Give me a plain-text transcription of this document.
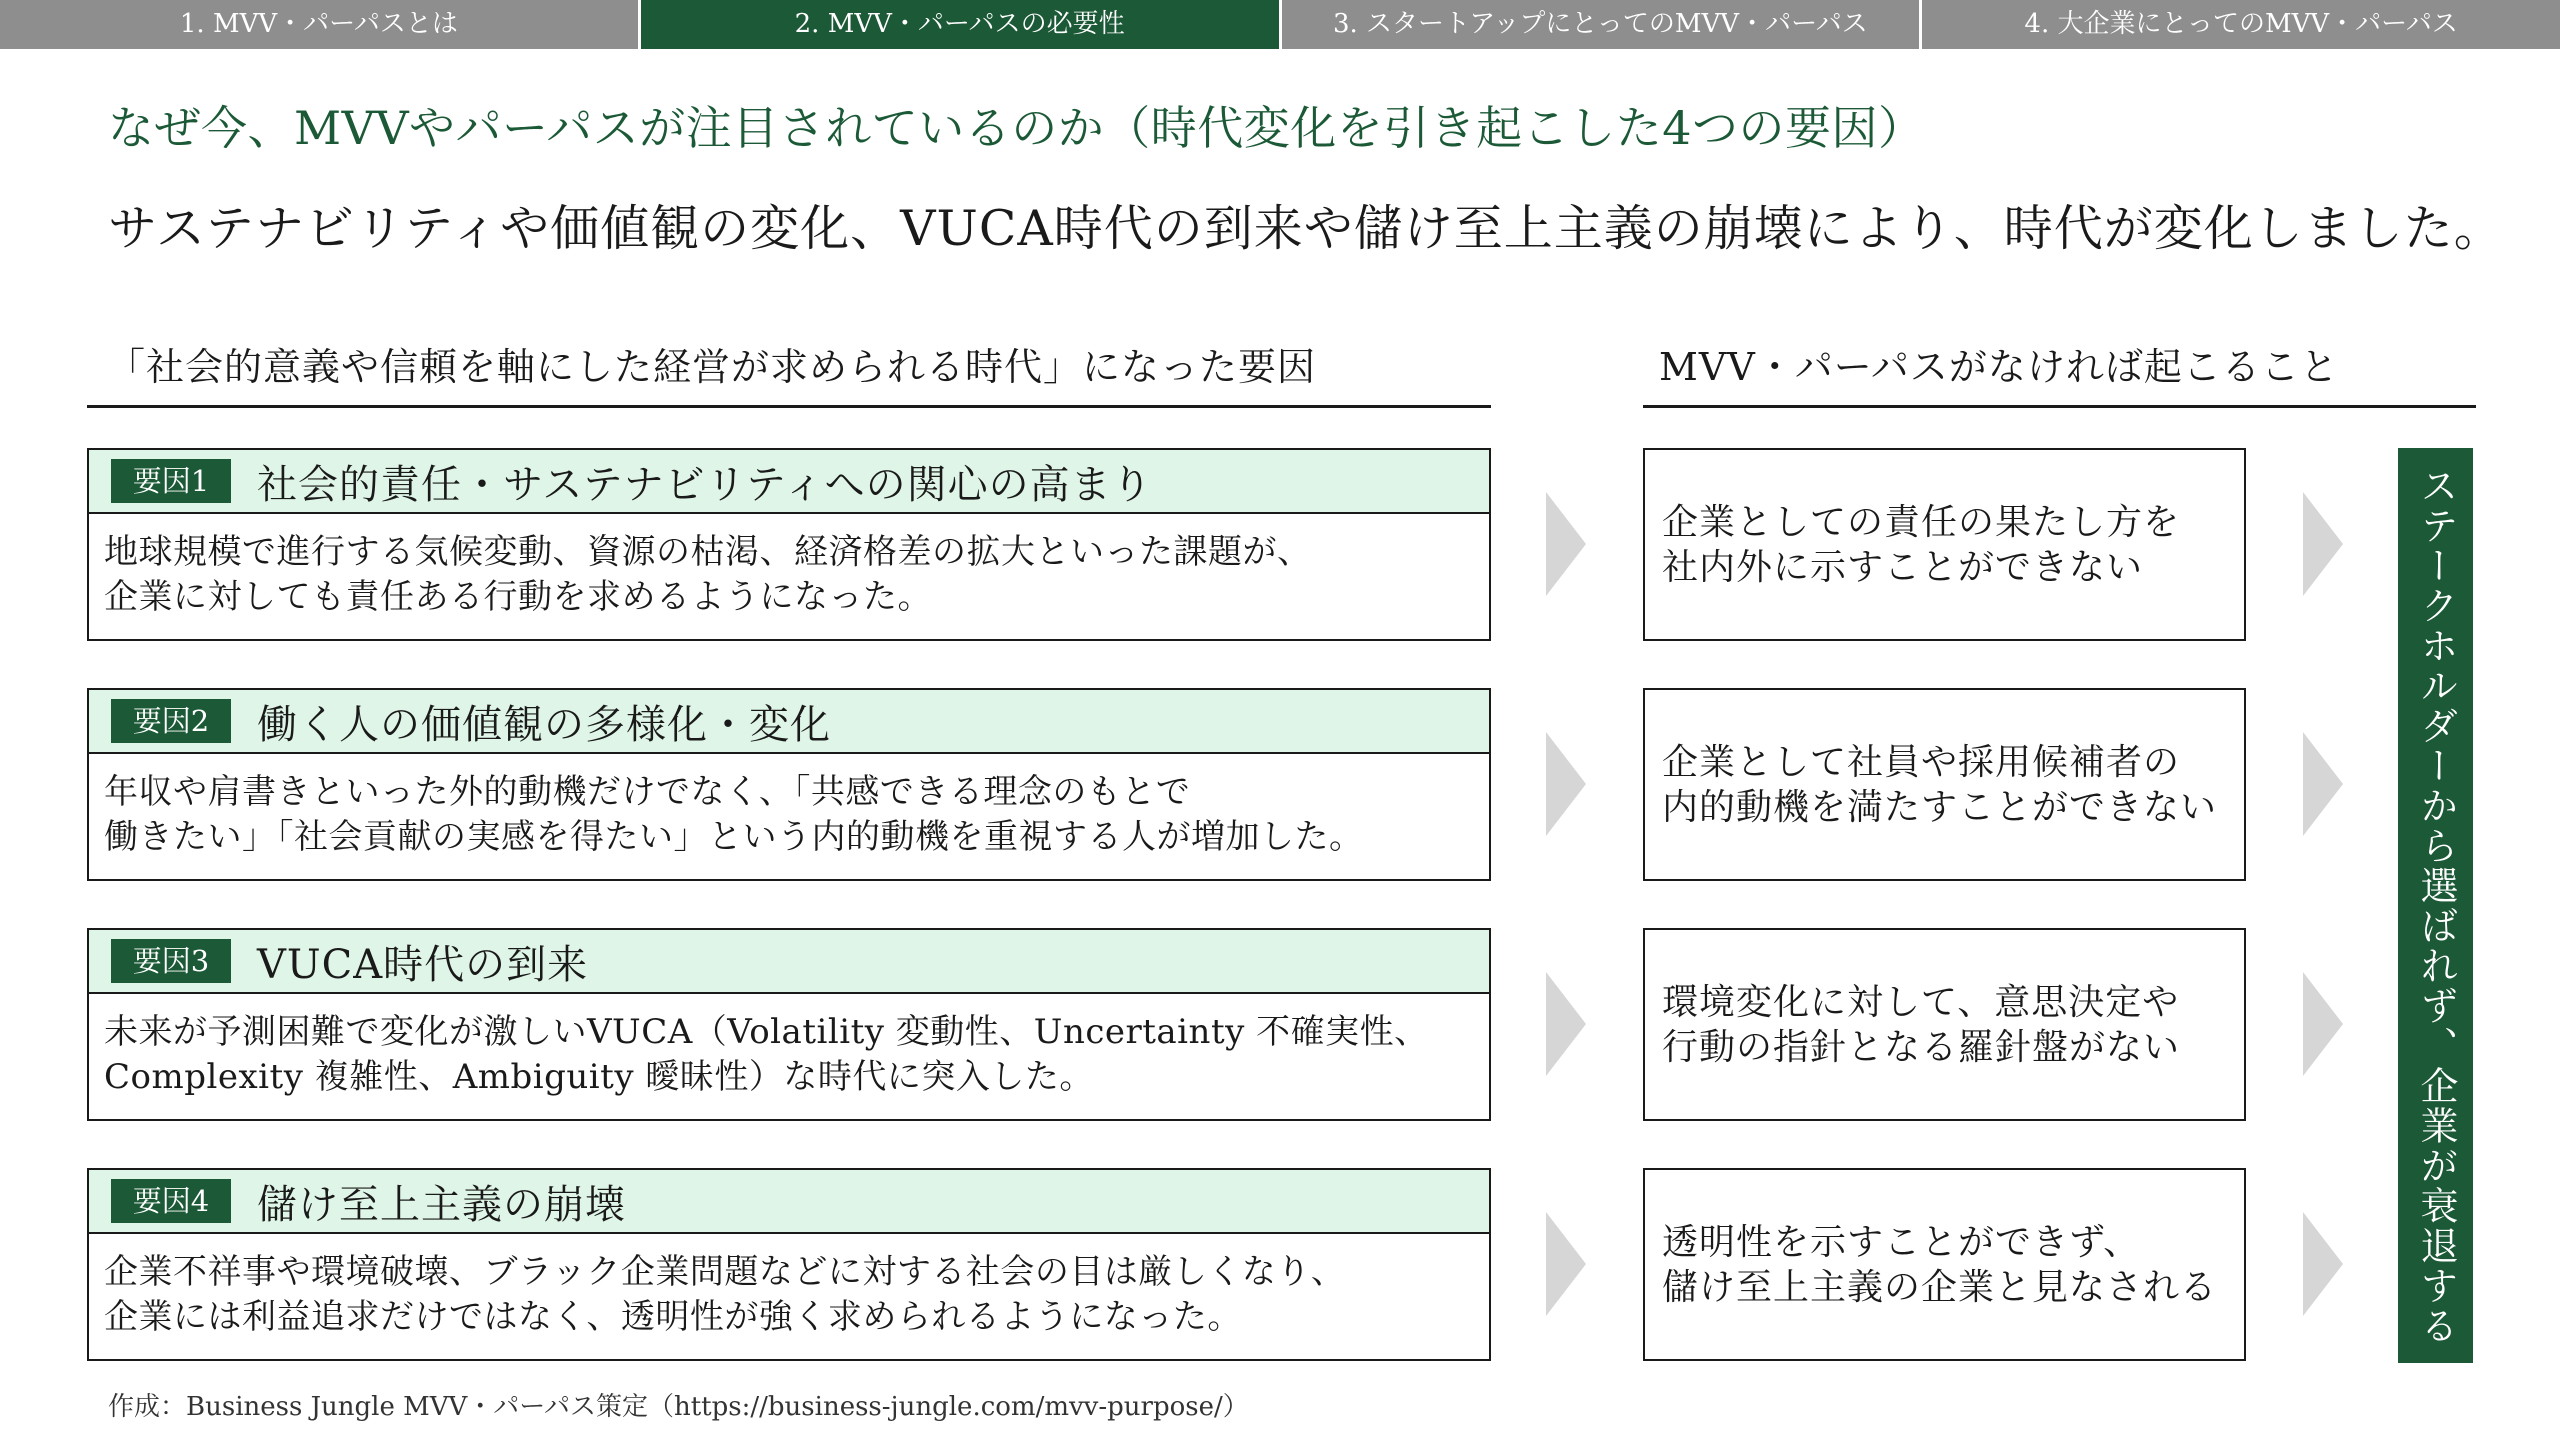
1. MVV・パーパスとは	2. MVV・パーパスの必要性	3. スタートアップにとってのMVV・パーパス	4. 大企業にとってのMVV・パーパス
なぜ今、MVVやパーパスが注目されているのか（時代変化を引き起こした4つの要因）
サステナビリティや価値観の変化、VUCA時代の到来や儲け至上主義の崩壊により、時代が変化しました。
「社会的意義や信頼を軸にした経営が求められる時代」になった要因	MVV・パーパスがなければ起こること
要因1	社会的責任・サステナビリティへの関心の高まり
地球規模で進行する気候変動、資源の枯渇、経済格差の拡大といった課題が、
企業に対しても責任ある行動を求めるようになった。
要因2	働く人の価値観の多様化・変化
年収や肩書きといった外的動機だけでなく、「共感できる理念のもとで
働きたい」「社会貢献の実感を得たい」という内的動機を重視する人が増加した。
要因3	VUCA時代の到来
未来が予測困難で変化が激しいVUCA（Volatility 変動性、Uncertainty 不確実性、
Complexity 複雑性、Ambiguity 曖昧性）な時代に突入した。
要因4	儲け至上主義の崩壊
企業不祥事や環境破壊、ブラック企業問題などに対する社会の目は厳しくなり、
企業には利益追求だけではなく、透明性が強く求められるようになった。
企業としての責任の果たし方を
社内外に示すことができない
企業として社員や採用候補者の
内的動機を満たすことができない
環境変化に対して、意思決定や
行動の指針となる羅針盤がない
透明性を示すことができず、
儲け至上主義の企業と見なされる	ステークホルダーから選ばれず、企業が衰退する
作成：Business Jungle MVV・パーパス策定（https://business-jungle.com/mvv-purpose/）
